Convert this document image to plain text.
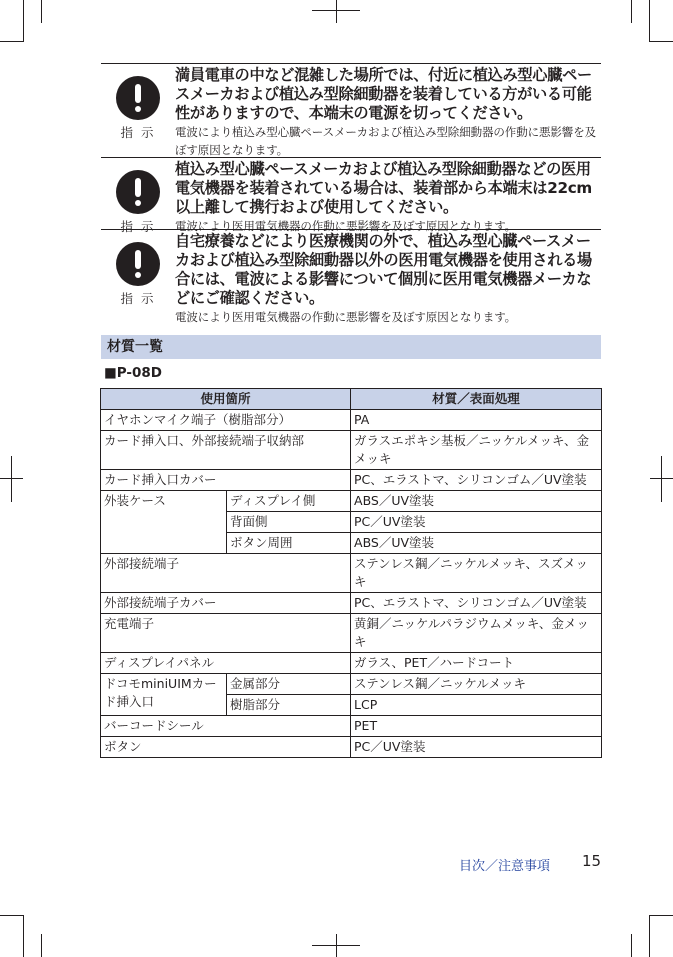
指 示
満員電車の中など混雑した場所では、付近に植込み型心臓ペースメーカおよび植込み型除細動器を装着している方がいる可能性がありますので、本端末の電源を切ってください。
電波により植込み型心臓ペースメーカおよび植込み型除細動器の作動に悪影響を及ぼす原因となります。
指 示
植込み型心臓ペースメーカおよび植込み型除細動器などの医用電気機器を装着されている場合は、装着部から本端末は22cm以上離して携行および使用してください。
電波により医用電気機器の作動に悪影響を及ぼす原因となります。
指 示
自宅療養などにより医療機関の外で、植込み型心臓ペースメーカおよび植込み型除細動器以外の医用電気機器を使用される場合には、電波による影響について個別に医用電気機器メーカなどにご確認ください。
電波により医用電気機器の作動に悪影響を及ぼす原因となります。
材質一覧
■P-08D
使用箇所		材質／表面処理
イヤホンマイク端子（樹脂部分）		PA
カード挿入口、外部接続端子収納部		ガラスエポキシ基板／ニッケルメッキ、金メッキ
カード挿入口カバー		PC、エラストマ、シリコンゴム／UV塗装
外装ケース	ディスプレイ側	ABS／UV塗装
	背面側	PC／UV塗装
	ボタン周囲	ABS／UV塗装
外部接続端子		ステンレス鋼／ニッケルメッキ、スズメッキ
外部接続端子カバー		PC、エラストマ、シリコンゴム／UV塗装
充電端子		黄銅／ニッケルパラジウムメッキ、金メッキ
ディスプレイパネル		ガラス、PET／ハードコート
ドコモminiUIMカード挿入口	金属部分	ステンレス鋼／ニッケルメッキ
	樹脂部分	LCP
バーコードシール		PET
ボタン		PC／UV塗装
目次／注意事項 15
